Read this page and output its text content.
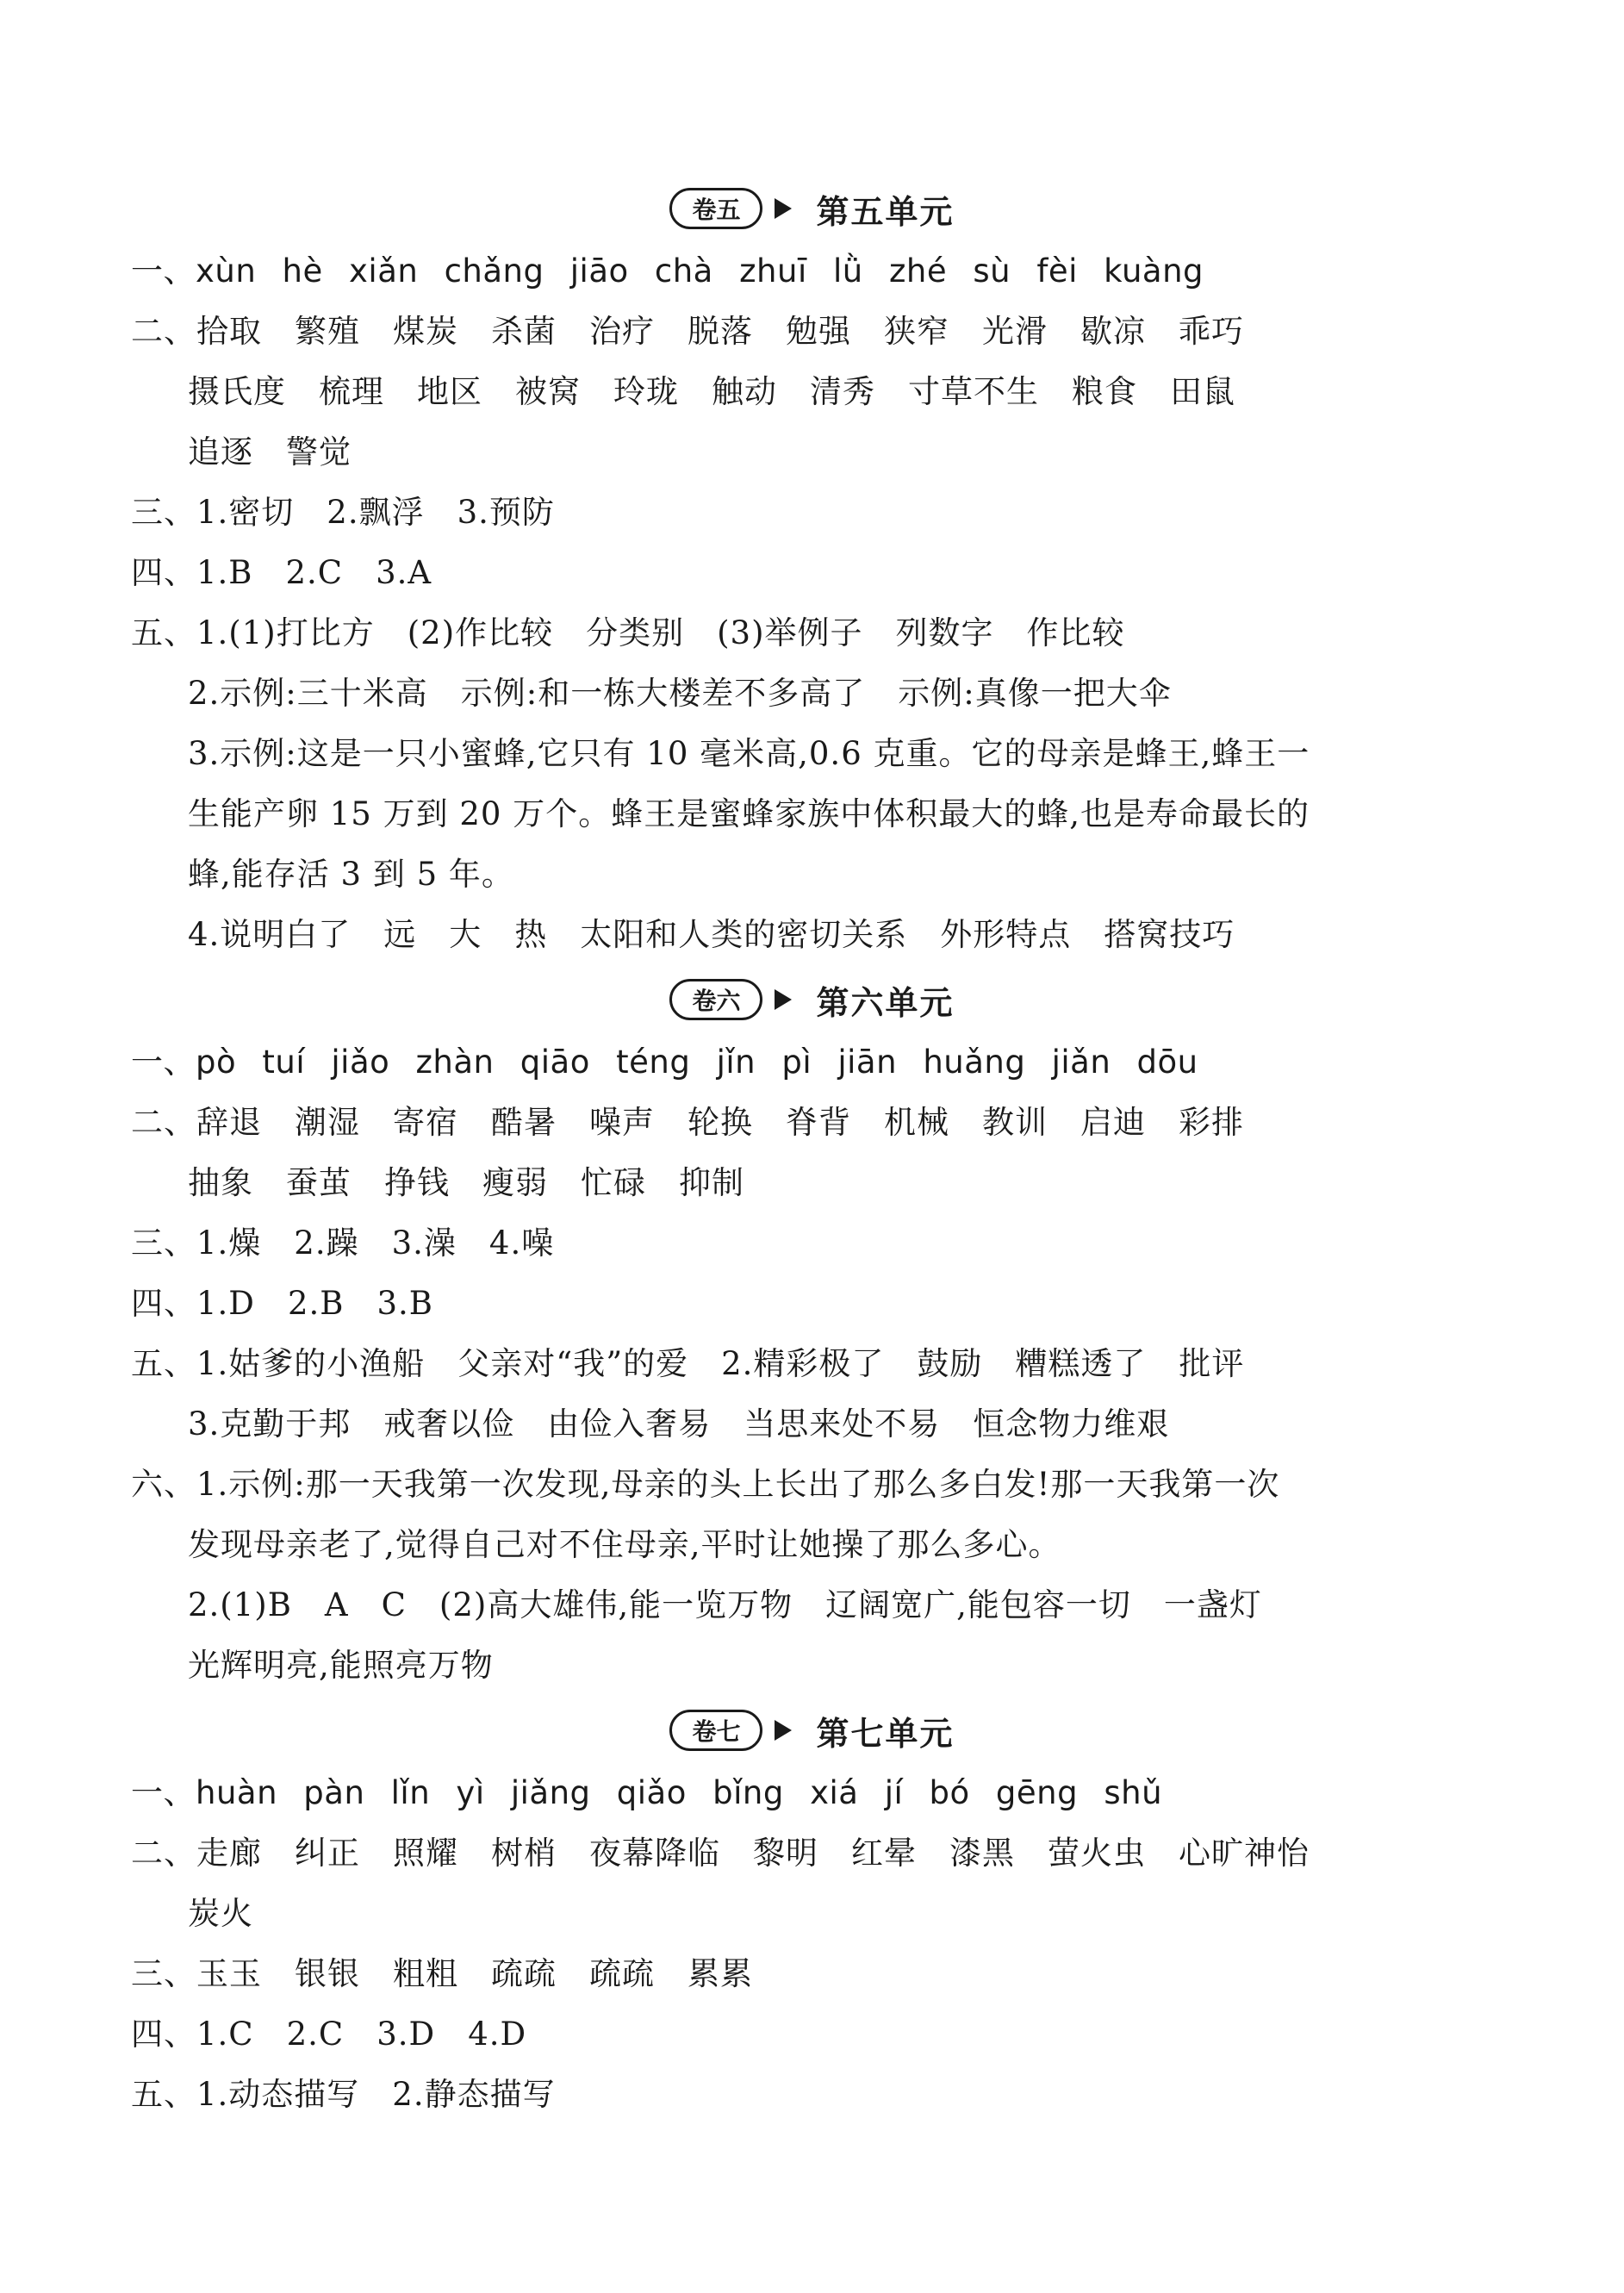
卷五	第五单元
一、xùn hè xiǎn chǎng jiāo chà zhuī lǜ zhé sù fèi kuàng
二、拾取　繁殖　煤炭　杀菌　治疗　脱落　勉强　狭窄　光滑　歇凉　乖巧
摄氏度　梳理　地区　被窝　玲珑　触动　清秀　寸草不生　粮食　田鼠
追逐　警觉
三、1.密切　2.飘浮　3.预防
四、1.B　2.C　3.A
五、1.(1)打比方　(2)作比较　分类别　(3)举例子　列数字　作比较
2.示例:三十米高　示例:和一栋大楼差不多高了　示例:真像一把大伞
3.示例:这是一只小蜜蜂,它只有 10 毫米高,0.6 克重。它的母亲是蜂王,蜂王一
生能产卵 15 万到 20 万个。蜂王是蜜蜂家族中体积最大的蜂,也是寿命最长的
蜂,能存活 3 到 5 年。
4.说明白了　远　大　热　太阳和人类的密切关系　外形特点　搭窝技巧
卷六	第六单元
一、pò tuí jiǎo zhàn qiāo téng jǐn pì jiān huǎng jiǎn dōu
二、辞退　潮湿　寄宿　酷暑　噪声　轮换　脊背　机械　教训　启迪　彩排
抽象　蚕茧　挣钱　瘦弱　忙碌　抑制
三、1.燥　2.躁　3.澡　4.噪
四、1.D　2.B　3.B
五、1.姑爹的小渔船　父亲对“我”的爱　2.精彩极了　鼓励　糟糕透了　批评
3.克勤于邦　戒奢以俭　由俭入奢易　当思来处不易　恒念物力维艰
六、1.示例:那一天我第一次发现,母亲的头上长出了那么多白发!那一天我第一次
发现母亲老了,觉得自己对不住母亲,平时让她操了那么多心。
2.(1)B　A　C　(2)高大雄伟,能一览万物　辽阔宽广,能包容一切　一盏灯
光辉明亮,能照亮万物
卷七	第七单元
一、huàn pàn lǐn yì jiǎng qiǎo bǐng xiá jí bó gēng shǔ
二、走廊　纠正　照耀　树梢　夜幕降临　黎明　红晕　漆黑　萤火虫　心旷神怡
炭火
三、玉玉　银银　粗粗　疏疏　疏疏　累累
四、1.C　2.C　3.D　4.D
五、1.动态描写　2.静态描写
